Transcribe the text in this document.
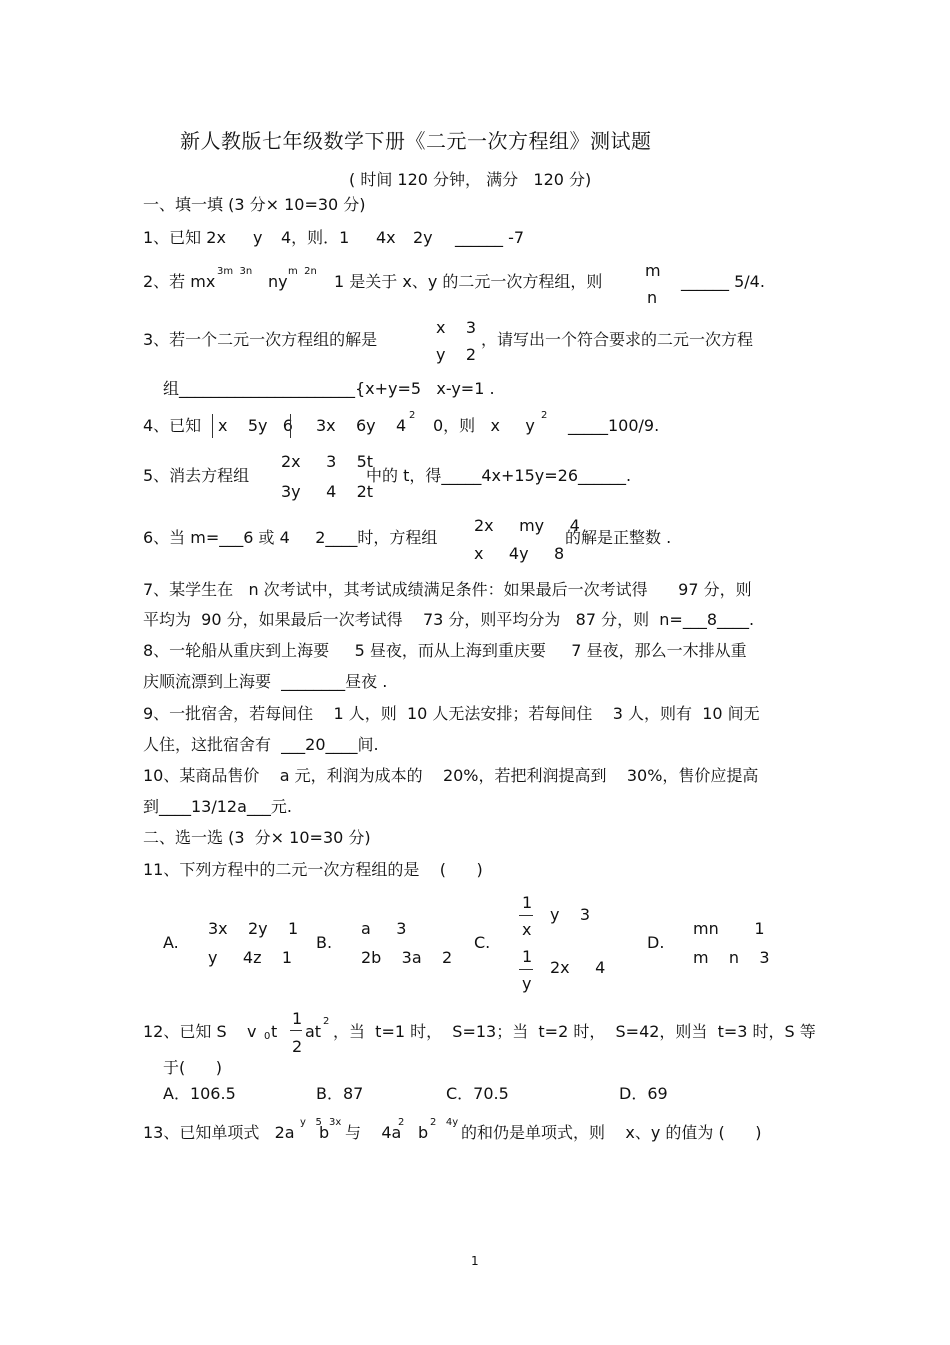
新人教版七年级数学下册《二元一次方程组》测试题
( 时间 120 分钟， 满分   120 分)
一、填一填 (3 分× 10=30 分)
1、已知 2x y 4，则．1 4x 2y ______ -7
2、若 mx
3m  3n
ny
m  2n
1 是关于 x、y 的二元一次方程组，则
m
n
______ 5/4.
3、若一个二元一次方程组的解是
x    3
y    2
，请写出一个符合要求的二元一次方程
组______________________{x+y=5   x-y=1 .
4、已知 x    5y   6 3x    6y    4
2
0，则   x     y
2
_____100/9.
5、消去方程组
2x     3    5t
3y     4    2t
中的 t，得_____4x+15y=26______.
6、当 m=___6 或 4     2____时，方程组
2x     my     4
x     4y     8
的解是正整数 .
7、某学生在   n 次考试中，其考试成绩满足条件：如果最后一次考试得      97 分，则
平均为  90 分，如果最后一次考试得    73 分，则平均分为   87 分，则  n=___8____.
8、一轮船从重庆到上海要     5 昼夜，而从上海到重庆要     7 昼夜，那么一木排从重
庆顺流漂到上海要  ________昼夜 .
9、一批宿舍，若每间住    1 人，则  10 人无法安排；若每间住    3 人，则有  10 间无
人住，这批宿舍有  ___20____间.
10、某商品售价    a 元，利润为成本的    20%，若把利润提高到    30%，售价应提高
到____13/12a___元.
二、选一选 (3  分× 10=30 分)
11、下列方程中的二元一次方程组的是    (      )
A.
3x    2y    1
y     4z    1
B.
a     3
2b    3a    2
C.
1
x
y    3
1
y
2x     4
D.
mn       1
m    n    3
12、已知 S    v 0 t
1
2
at
2
，当  t=1 时，  S=13；当  t=2 时，  S=42，则当  t=3 时，S 等
于(      )
A．106.5	B．87	C．70.5	D．69
13、已知单项式   2a
y   5
b
3x
与    4a
2
b
2   4y
的和仍是单项式，则    x、y 的值为 (      )
1
